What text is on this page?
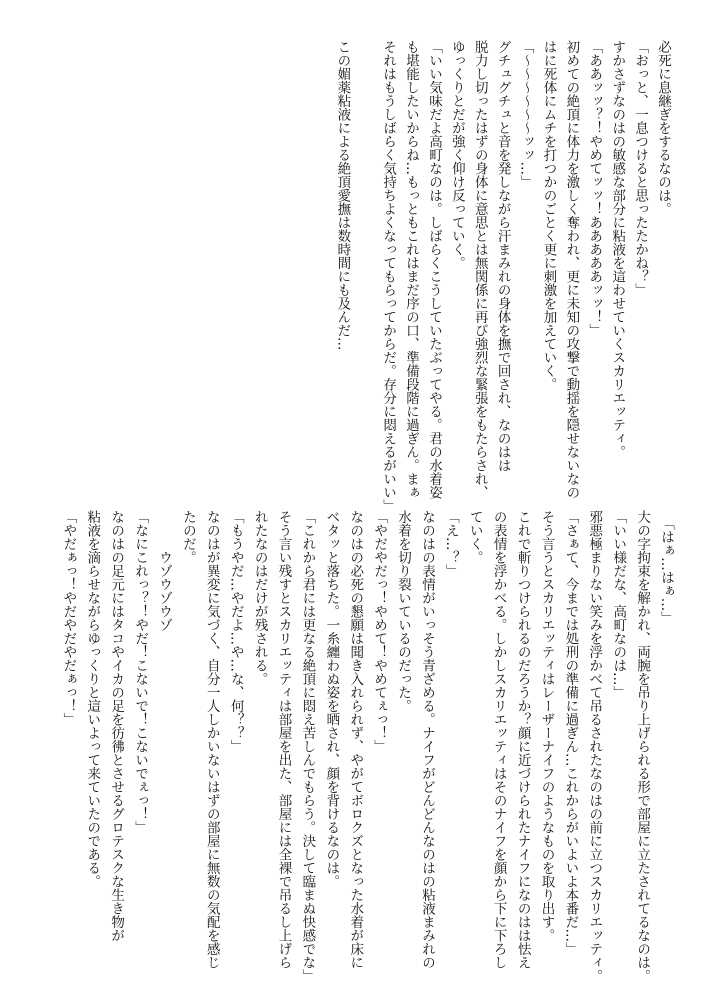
必死に息継ぎをするなのは。

「おっと、一息つけると思ったたかね？」

すかさずなのはの敏感な部分に粘液を這わせていくスカリエッティ。

「ああッッ？！やめてッッ！あああああッッ！」

初めての絶頂に体力を激しく奪われ、更に未知の攻撃で動揺を隠せないなの

はに死体にムチを打つかのごとく更に刺激を加えていく。

「～～～～～～ッッ…」

グチュグチュと音を発しながら汗まみれの身体を撫で回され、なのはは

脱力し切ったはずの身体に意思とは無関係に再び強烈な緊張をもたらされ、

ゆっくりとだが強く仰け反っていく。

「いい気味だよ高町なのは。しばらくこうしていたぶってやる。君の水着姿

も堪能したいからね…もっともこれはまだ序の口、準備段階に過ぎん。まぁ

それはもうしばらく気持ちよくなってもらってからだ。存分に悶えるがいい」

この媚薬粘液による絶頂愛撫は数時間にも及んだ…

　「はぁ…はぁ…」

大の字拘束を解かれ、両腕を吊り上げられる形で部屋に立たされてるなのは。

「いい様だな、高町なのは…」

邪悪極まりない笑みを浮かべて吊るされたなのはの前に立つスカリエッティ。

「さぁて、今までは処刑の準備に過ぎん…これからがいよいよ本番だ…」

そう言うとスカリエッティはレーザーナイフのようなものを取り出す。

これで斬りつけられるのだろうか？顔に近づけられたナイフになのはは怯え

の表情を浮かべる。しかしスカリエッティはそのナイフを顔から下に下ろし

ていく。

「え…？」

なのはの表情がいっそう青ざめる。ナイフがどんどんなのはの粘液まみれの

水着を切り裂いているのだった。

「やだやだっ！やめて！やめてぇっ！」

なのはの必死の懇願は聞き入れられず、やがてボロクズとなった水着が床に

ベタッと落ちた。一糸纏わぬ姿を晒され、顔を背けるなのは。

「これから君には更なる絶頂に悶え苦しんでもらう。決して臨まぬ快感でな」

そう言い残すとスカリエッティは部屋を出た、部屋には全裸で吊るし上げら

れたなのはだけが残される。

「もうやだ…やだよ…や…な、何？？」

なのはが異変に気づく、自分一人しかいないはずの部屋に無数の気配を感じ

たのだ。

　　　ウゾウゾウゾ

「なにこれっ？！やだ！こないで！こないでぇっ！」

なのはの足元にはタコやイカの足を彷彿とさせるグロテスクな生き物が

粘液を滴らせながらゆっくりと這いよって来ていたのである。

「やだぁっ！やだやだやだぁっ！」
